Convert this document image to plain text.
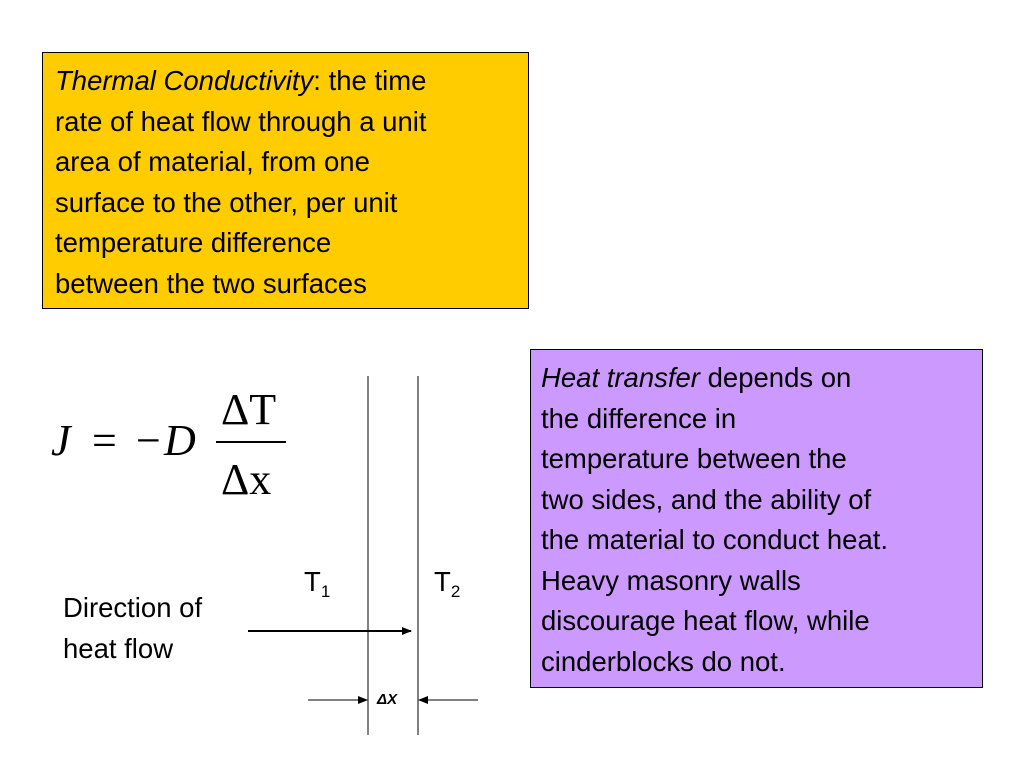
Thermal Conductivity: the time
rate of heat flow through a unit
area of material, from one
surface to the other, per unit
temperature difference
between the two surfaces
Heat transfer depends on
the difference in
temperature between the
two sides, and the ability of
the material to conduct heat.
Heavy masonry walls
discourage heat flow, while
cinderblocks do not.
J = − D
ΔT
Δx
Direction of
heat flow
$T_1$	$T_2$
ΔX
